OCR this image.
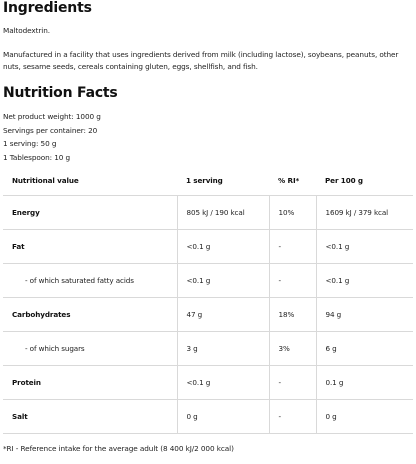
Ingredients
Maltodextrin.
Manufactured in a facility that uses ingredients derived from milk (including lactose), soybeans, peanuts, other nuts, sesame seeds, cereals containing gluten, eggs, shellfish, and fish.
Nutrition Facts
Net product weight: 1000 g
Servings per container: 20
1 serving: 50 g
1 Tablespoon: 10 g
Nutritional value	1 serving	% RI*	Per 100 g
Energy	805 kJ / 190 kcal	10%	1609 kJ / 379 kcal
Fat	<0.1 g	-	<0.1 g
- of which saturated fatty acids	<0.1 g	-	<0.1 g
Carbohydrates	47 g	18%	94 g
- of which sugars	3 g	3%	6 g
Protein	<0.1 g	-	0.1 g
Salt	0 g	-	0 g
*RI - Reference intake for the average adult (8 400 kJ/2 000 kcal)
